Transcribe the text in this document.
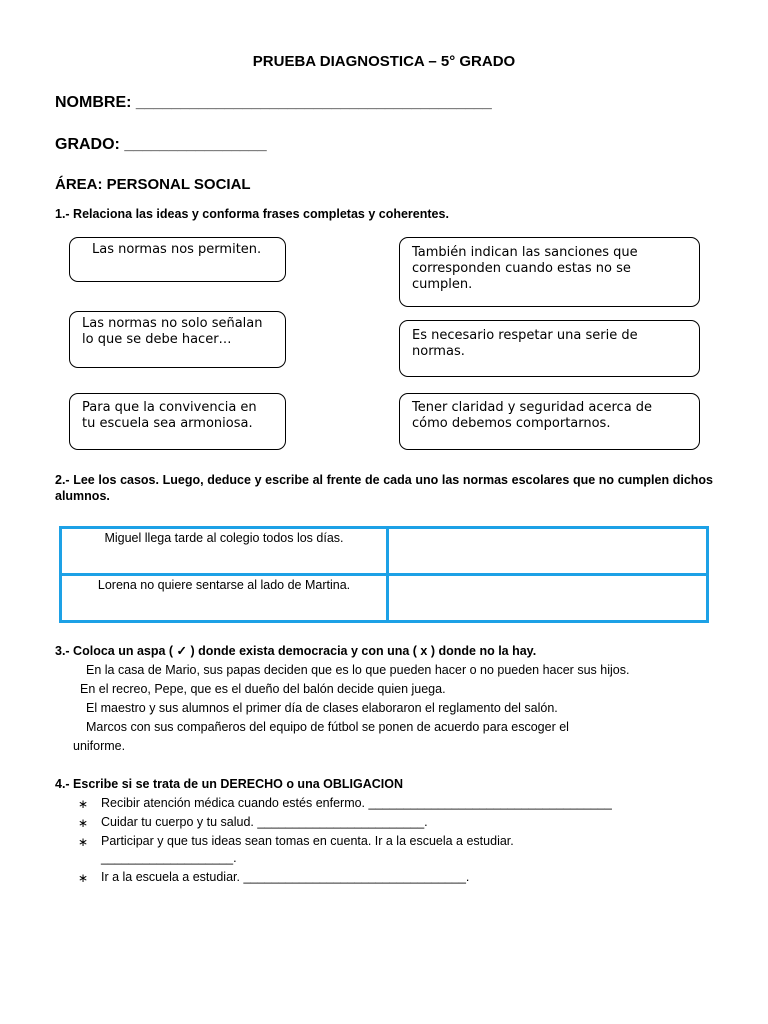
PRUEBA DIAGNOSTICA – 5° GRADO
NOMBRE: ________________________________________
GRADO: ________________
ÁREA: PERSONAL SOCIAL
1.- Relaciona las ideas y conforma frases completas y coherentes.
Las normas nos permiten.
Las normas no solo señalan lo que se debe hacer…
Para que la convivencia en tu escuela sea armoniosa.
También indican las sanciones que corresponden cuando estas no se cumplen.
Es necesario respetar una serie de normas.
Tener claridad y seguridad acerca de cómo debemos comportarnos.
2.- Lee los casos. Luego, deduce y escribe al frente de cada uno las normas escolares que no cumplen dichos alumnos.
Miguel llega tarde al colegio todos los días.	
Lorena no quiere sentarse al lado de Martina.	
3.- Coloca un aspa ( ✓ ) donde exista democracia y con una ( x ) donde no la hay.
En la casa de Mario, sus papas deciden que es lo que pueden hacer o no pueden hacer sus hijos.
En el recreo, Pepe, que es el dueño del balón decide quien juega.
El maestro y sus alumnos el primer día de clases elaboraron el reglamento del salón.
Marcos con sus compañeros del equipo de fútbol se ponen de acuerdo para escoger el
uniforme.
4.- Escribe si se trata de un DERECHO o una OBLIGACION
∗ Recibir atención médica cuando estés enfermo. ___________________________________
∗ Cuidar tu cuerpo y tu salud. ________________________.
∗ Participar y que tus ideas sean tomas en cuenta. Ir a la escuela a estudiar.
___________________.
∗ Ir a la escuela a estudiar. ________________________________.
